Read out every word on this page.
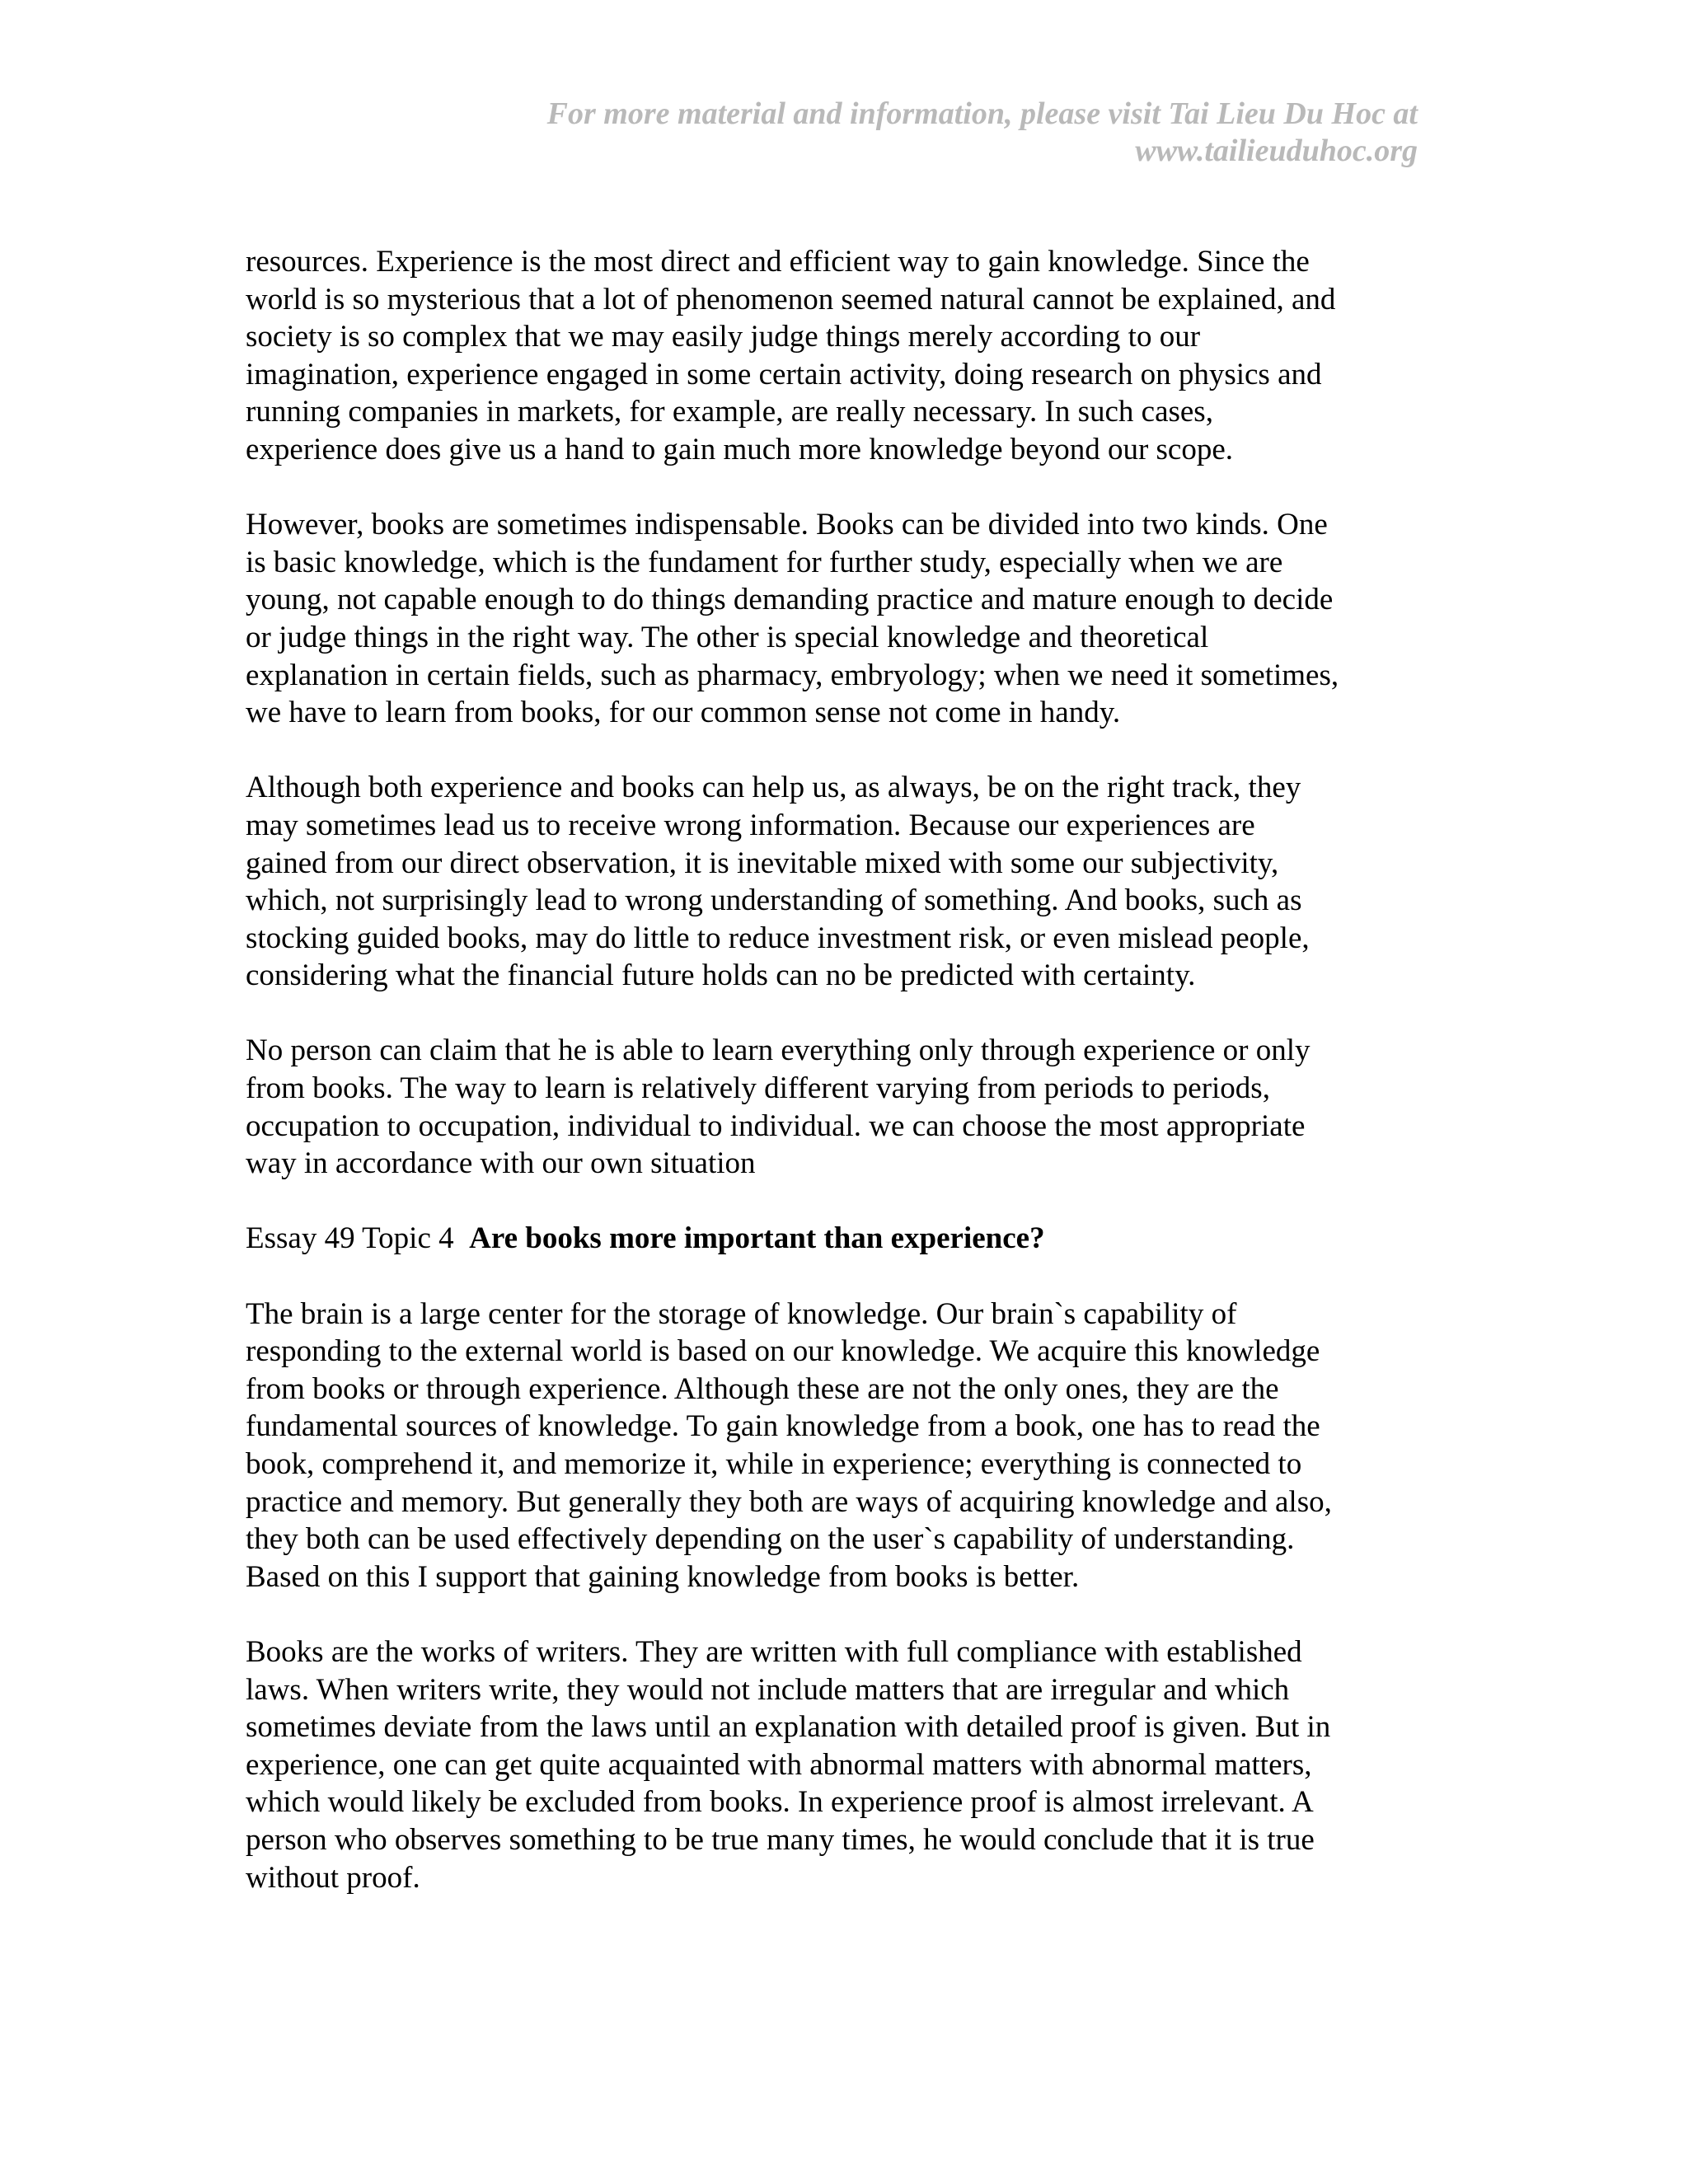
For more material and information, please visit Tai Lieu Du Hoc at
www.tailieuduhoc.org

resources. Experience is the most direct and efficient way to gain knowledge. Since the
world is so mysterious that a lot of phenomenon seemed natural cannot be explained, and
society is so complex that we may easily judge things merely according to our
imagination, experience engaged in some certain activity, doing research on physics and
running companies in markets, for example, are really necessary. In such cases,
experience does give us a hand to gain much more knowledge beyond our scope.

However, books are sometimes indispensable. Books can be divided into two kinds. One
is basic knowledge, which is the fundament for further study, especially when we are
young, not capable enough to do things demanding practice and mature enough to decide
or judge things in the right way. The other is special knowledge and theoretical
explanation in certain fields, such as pharmacy, embryology; when we need it sometimes,
we have to learn from books, for our common sense not come in handy.

Although both experience and books can help us, as always, be on the right track, they
may sometimes lead us to receive wrong information. Because our experiences are
gained from our direct observation, it is inevitable mixed with some our subjectivity,
which, not surprisingly lead to wrong understanding of something. And books, such as
stocking guided books, may do little to reduce investment risk, or even mislead people,
considering what the financial future holds can no be predicted with certainty.

No person can claim that he is able to learn everything only through experience or only
from books. The way to learn is relatively different varying from periods to periods,
occupation to occupation, individual to individual. we can choose the most appropriate
way in accordance with our own situation

Essay 49 Topic 4 Are books more important than experience?

The brain is a large center for the storage of knowledge. Our brain`s capability of
responding to the external world is based on our knowledge. We acquire this knowledge
from books or through experience. Although these are not the only ones, they are the
fundamental sources of knowledge. To gain knowledge from a book, one has to read the
book, comprehend it, and memorize it, while in experience; everything is connected to
practice and memory. But generally they both are ways of acquiring knowledge and also,
they both can be used effectively depending on the user`s capability of understanding.
Based on this I support that gaining knowledge from books is better.

Books are the works of writers. They are written with full compliance with established
laws. When writers write, they would not include matters that are irregular and which
sometimes deviate from the laws until an explanation with detailed proof is given. But in
experience, one can get quite acquainted with abnormal matters with abnormal matters,
which would likely be excluded from books. In experience proof is almost irrelevant. A
person who observes something to be true many times, he would conclude that it is true
without proof.
